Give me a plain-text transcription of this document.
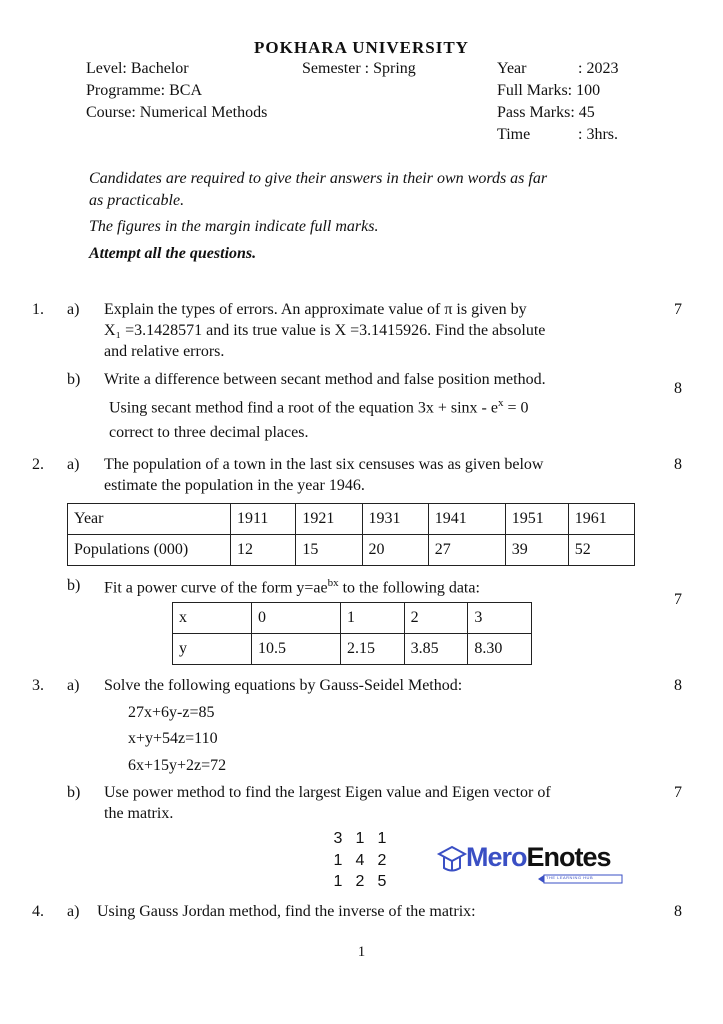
POKHARA UNIVERSITY
Level: Bachelor	Semester : Spring
Programme: BCA
Course: Numerical Methods
Year	: 2023
Full Marks: 100
Pass Marks: 45
Time	: 3hrs.
Candidates are required to give their answers in their own words as far
as practicable.
The figures in the margin indicate full marks.
Attempt all the questions.
1. a) Explain the types of errors. An approximate value of π is given by
X₁ =3.1428571 and its true value is X =3.1415926. Find the absolute
and relative errors.
7
b) Write a difference between secant method and false position method.
Using secant method find a root of the equation $3x + \sin x - e^x = 0$
correct to three decimal places.
8
2. a) The population of a town in the last six censuses was as given below
estimate the population in the year 1946.
8
Year	1911	1921	1931	1941	1951	1961
Populations (000)	12	15	20	27	39	52
b) Fit a power curve of the form $y=ae^{bx}$ to the following data:
7
x	0	1	2	3
y	10.5	2.15	3.85	8.30
3. a) Solve the following equations by Gauss-Seidel Method:	8
27x+6y-z=85
x+y+54z=110
6x+15y+2z=72
b) Use power method to find the largest Eigen value and Eigen vector of
the matrix.
7
3 1 1
1 4 2
1 2 5
MeroEnotes
THE LEARNING HUB
4. a) Using Gauss Jordan method, find the inverse of the matrix:	8
1
